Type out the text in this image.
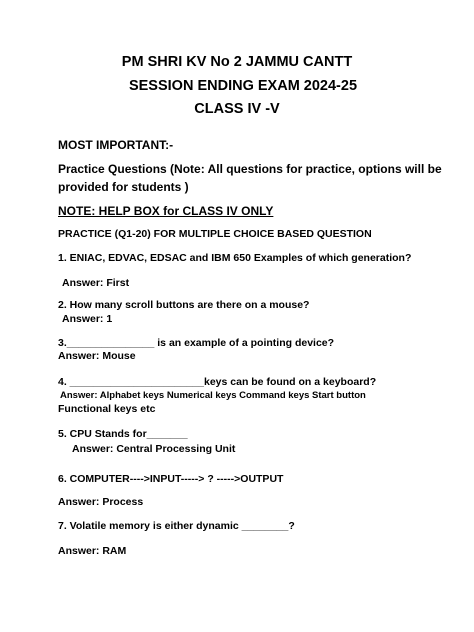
PM SHRI KV No 2 JAMMU CANTT
SESSION ENDING EXAM 2024-25
CLASS IV -V
MOST IMPORTANT:-
Practice Questions (Note: All questions for practice, options will be
provided for students )
NOTE: HELP BOX for CLASS IV ONLY
PRACTICE (Q1-20) FOR MULTIPLE CHOICE BASED QUESTION
1. ENIAC, EDVAC, EDSAC and IBM 650 Examples of which generation?
Answer: First
2. How many scroll buttons are there on a mouse?
Answer: 1
3._______________ is an example of a pointing device?
Answer: Mouse
4. _______________________keys can be found on a keyboard?
Answer: Alphabet keys Numerical keys Command keys Start button
Functional keys etc
5. CPU Stands for_______
Answer: Central Processing Unit
6. COMPUTER---->INPUT-----> ? ----->OUTPUT
Answer: Process
7. Volatile memory is either dynamic ________?
Answer: RAM
